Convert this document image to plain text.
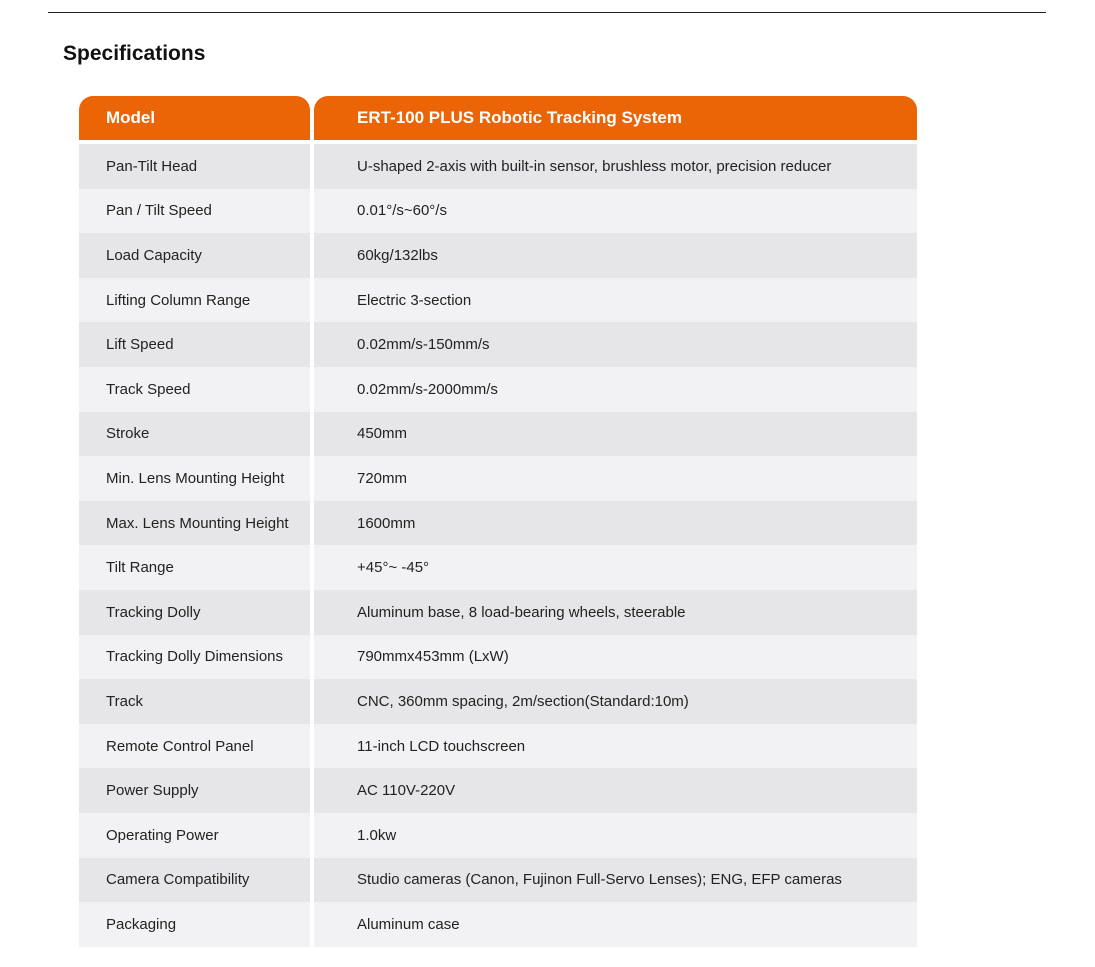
Specifications
Model	ERT-100 PLUS Robotic Tracking System
Pan-Tilt Head	U-shaped 2-axis with built-in sensor, brushless motor, precision reducer
Pan / Tilt Speed	0.01°/s~60°/s
Load Capacity	60kg/132lbs
Lifting Column Range	Electric 3-section
Lift Speed	0.02mm/s-150mm/s
Track Speed	0.02mm/s-2000mm/s
Stroke	450mm
Min. Lens Mounting Height	720mm
Max. Lens Mounting Height	1600mm
Tilt Range	+45°~ -45°
Tracking Dolly	Aluminum base, 8 load-bearing wheels, steerable
Tracking Dolly Dimensions	790mmx453mm (LxW)
Track	CNC, 360mm spacing, 2m/section(Standard:10m)
Remote Control Panel	11-inch LCD touchscreen
Power Supply	AC 110V-220V
Operating Power	1.0kw
Camera Compatibility	Studio cameras (Canon, Fujinon Full-Servo Lenses); ENG, EFP cameras
Packaging	Aluminum case
